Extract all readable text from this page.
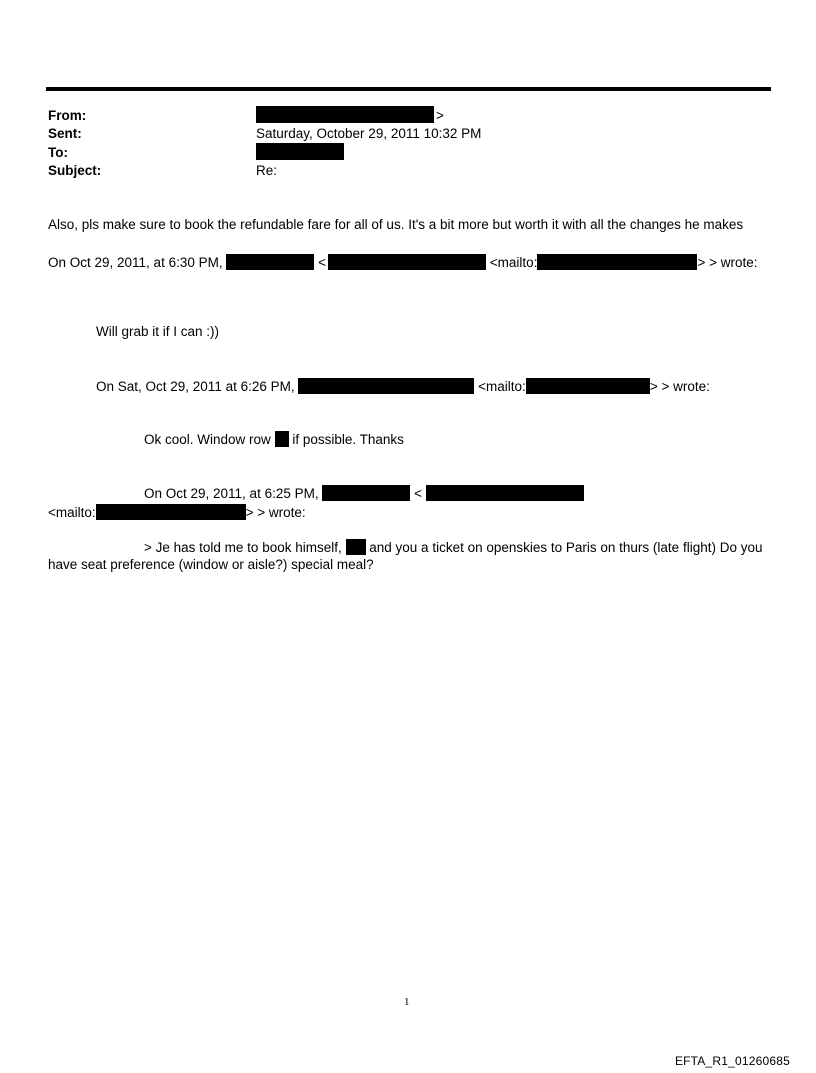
From:	>
Sent:	Saturday, October 29, 2011 10:32 PM
To:
Subject:	Re:
Also, pls make sure to book the refundable fare for all of us. It's a bit more but worth it with all the changes he makes
On Oct 29, 2011, at 6:30 PM,	<	<mailto:	> > wrote:
Will grab it if I can :))
On Sat, Oct 29, 2011 at 6:26 PM,	<mailto:	> > wrote:
Ok cool. Window row if possible. Thanks
On Oct 29, 2011, at 6:25 PM,	<
<mailto:	> > wrote:
> Je has told me to book himself, and you a ticket on openskies to Paris on thurs (late flight) Do you
have seat preference (window or aisle?) special meal?
1
EFTA_R1_01260685
